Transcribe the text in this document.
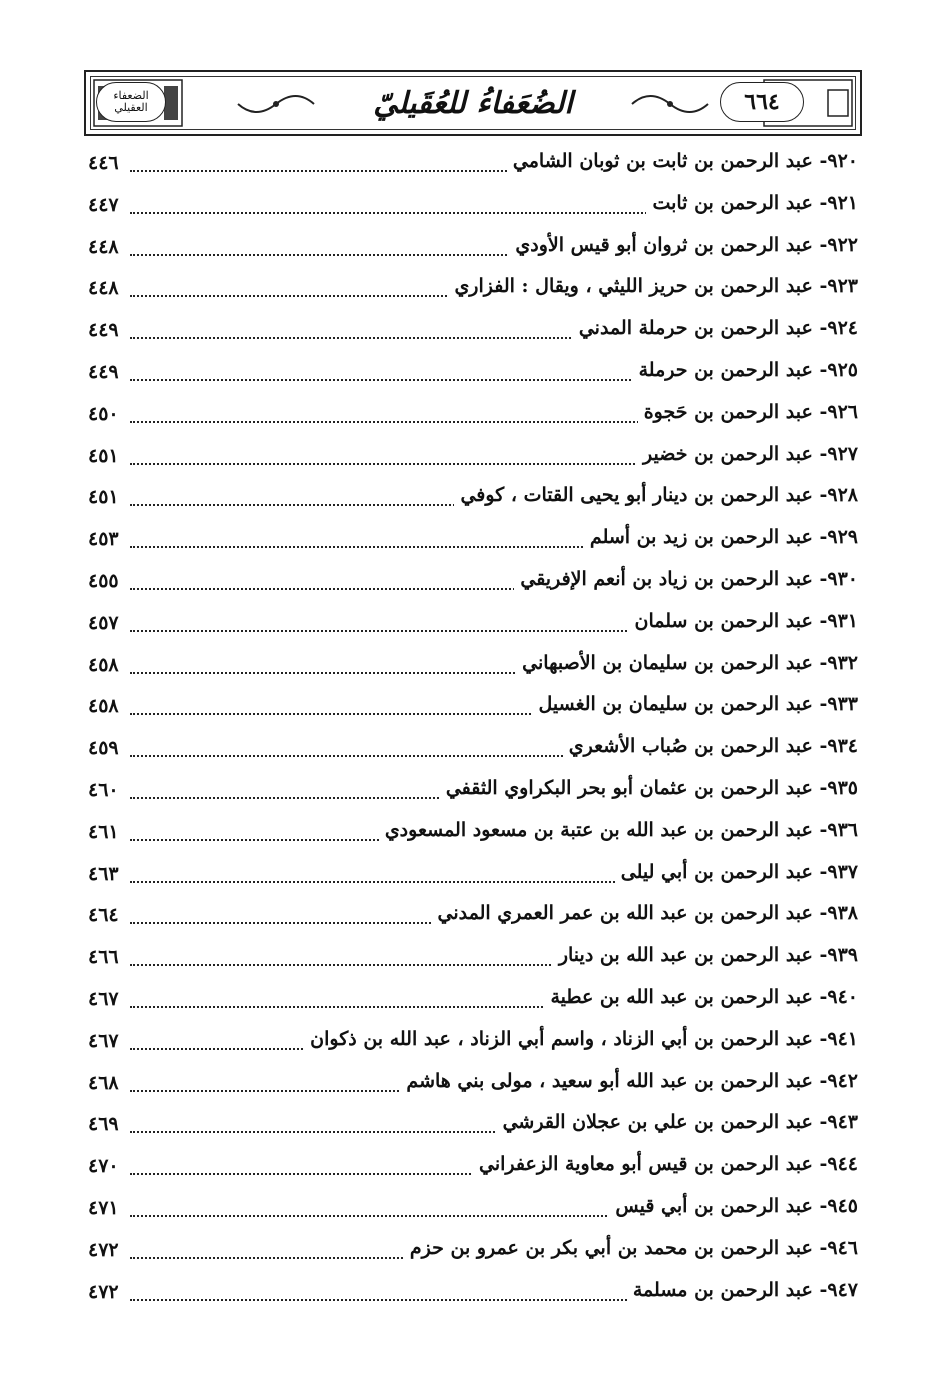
الضعفاء العقيلي	الضُعَفاءُ للعُقَيليّ	٦٦٤
٤٤٦	٩٢٠- عبد الرحمن بن ثابت بن ثوبان الشامي
٤٤٧	٩٢١- عبد الرحمن بن ثابت
٤٤٨	٩٢٢- عبد الرحمن بن ثروان أبو قيس الأودي
٤٤٨	٩٢٣- عبد الرحمن بن حريز الليثي ، ويقال : الفزاري
٤٤٩	٩٢٤- عبد الرحمن بن حرملة المدني
٤٤٩	٩٢٥- عبد الرحمن بن حرملة
٤٥٠	٩٢٦- عبد الرحمن بن حَجوة
٤٥١	٩٢٧- عبد الرحمن بن خضير
٤٥١	٩٢٨- عبد الرحمن بن دينار أبو يحيى القتات ، كوفي
٤٥٣	٩٢٩- عبد الرحمن بن زيد بن أسلم
٤٥٥	٩٣٠- عبد الرحمن بن زياد بن أنعم الإفريقي
٤٥٧	٩٣١- عبد الرحمن بن سلمان
٤٥٨	٩٣٢- عبد الرحمن بن سليمان بن الأصبهاني
٤٥٨	٩٣٣- عبد الرحمن بن سليمان بن الغسيل
٤٥٩	٩٣٤- عبد الرحمن بن صُباب الأشعري
٤٦٠	٩٣٥- عبد الرحمن بن عثمان أبو بحر البكراوي الثقفي
٤٦١	٩٣٦- عبد الرحمن بن عبد الله بن عتبة بن مسعود المسعودي
٤٦٣	٩٣٧- عبد الرحمن بن أبي ليلى
٤٦٤	٩٣٨- عبد الرحمن بن عبد الله بن عمر العمري المدني
٤٦٦	٩٣٩- عبد الرحمن بن عبد الله بن دينار
٤٦٧	٩٤٠- عبد الرحمن بن عبد الله بن عطية
٤٦٧	٩٤١- عبد الرحمن بن أبي الزناد ، واسم أبي الزناد ، عبد الله بن ذكوان
٤٦٨	٩٤٢- عبد الرحمن بن عبد الله أبو سعيد ، مولى بني هاشم
٤٦٩	٩٤٣- عبد الرحمن بن علي بن عجلان القرشي
٤٧٠	٩٤٤- عبد الرحمن بن قيس أبو معاوية الزعفراني
٤٧١	٩٤٥- عبد الرحمن بن أبي قيس
٤٧٢	٩٤٦- عبد الرحمن بن محمد بن أبي بكر بن عمرو بن حزم
٤٧٢	٩٤٧- عبد الرحمن بن مسلمة
